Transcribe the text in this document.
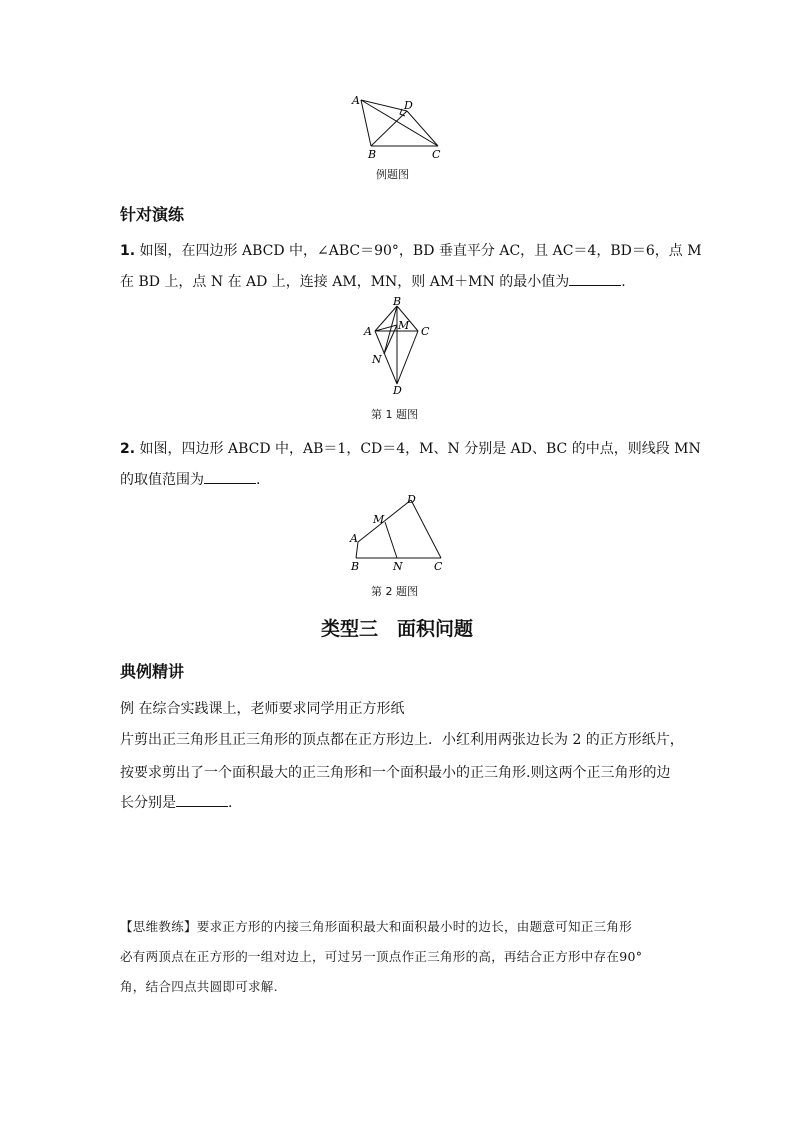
A	D
B	C
例题图
针对演练
1. 如图，在四边形 ABCD 中，∠ABC＝90°，BD 垂直平分 AC，且 AC＝4，BD＝6，点 M
在 BD 上，点 N 在 AD 上，连接 AM，MN，则 AM＋MN 的最小值为	.
B
A M C
N
D
第 1 题图
2. 如图，四边形 ABCD 中，AB＝1，CD＝4，M、N 分别是 AD、BC 的中点，则线段 MN
的取值范围为	.
D
M
A
B	N	C
第 2 题图
类型三　面积问题
典例精讲
例 在综合实践课上，老师要求同学用正方形纸
片剪出正三角形且正三角形的顶点都在正方形边上．小红利用两张边长为 2 的正方形纸片，
按要求剪出了一个面积最大的正三角形和一个面积最小的正三角形.则这两个正三角形的边
长分别是	.
【思维教练】要求正方形的内接三角形面积最大和面积最小时的边长，由题意可知正三角形
必有两顶点在正方形的一组对边上，可过另一顶点作正三角形的高，再结合正方形中存在90°
角，结合四点共圆即可求解.
